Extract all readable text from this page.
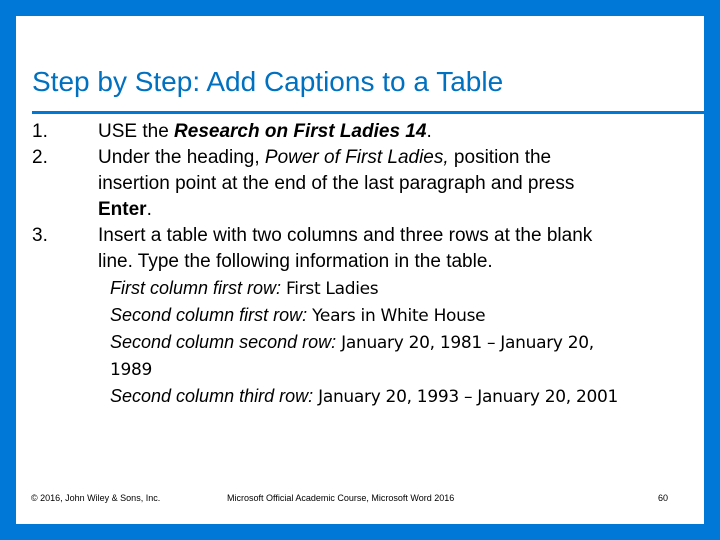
Step by Step: Add Captions to a Table
1.	USE the Research on First Ladies 14.
2.	Under the heading, Power of First Ladies, position the
insertion point at the end of the last paragraph and press
Enter.
3.	Insert a table with two columns and three rows at the blank
line. Type the following information in the table.
First column first row: First Ladies
Second column first row: Years in White House
Second column second row: January 20, 1981 – January 20,
1989
Second column third row: January 20, 1993 – January 20, 2001
© 2016, John Wiley & Sons, Inc.	Microsoft Official Academic Course, Microsoft Word 2016	60
